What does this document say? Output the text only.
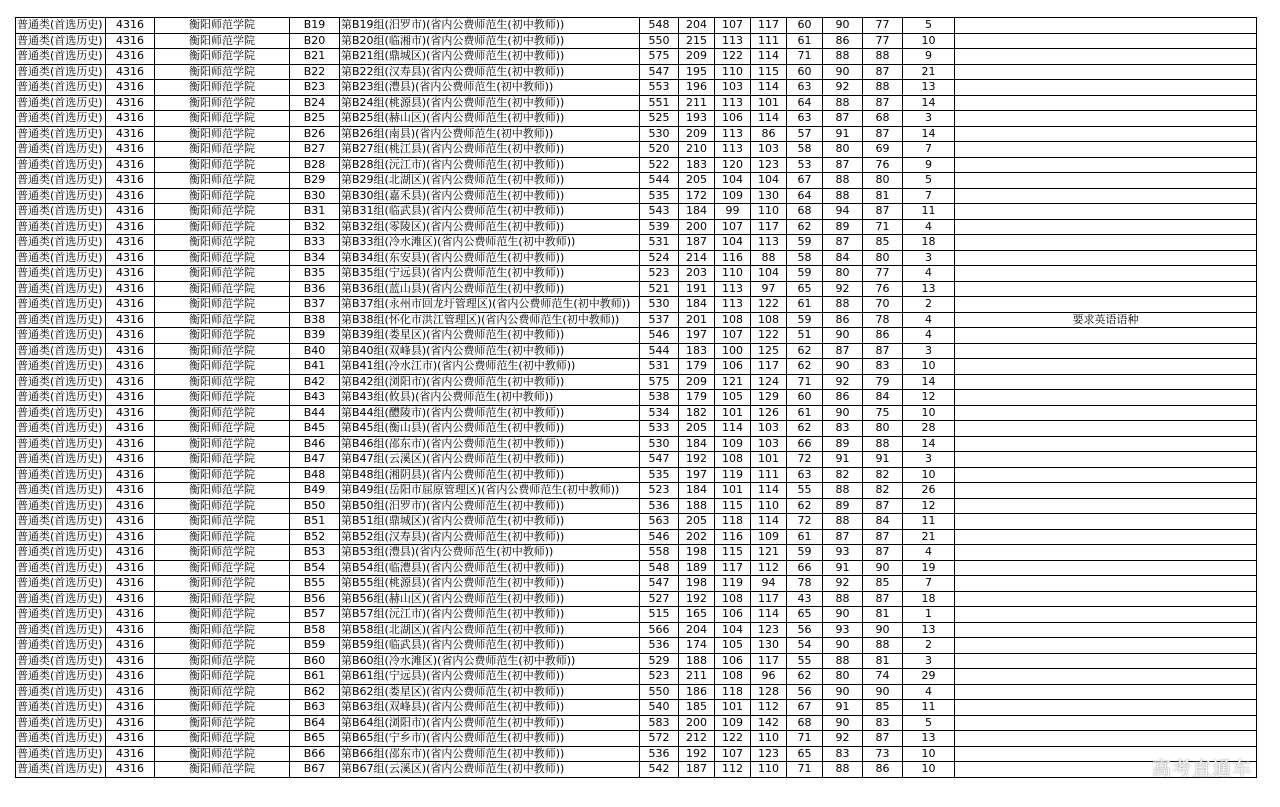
普通类(首选历史)	4316	衡阳师范学院	B19	第B19组(汨罗市)(省内公费师范生(初中教师))	548	204	107	117	60	90	77	5	
普通类(首选历史)	4316	衡阳师范学院	B20	第B20组(临湘市)(省内公费师范生(初中教师))	550	215	113	111	61	86	77	10	
普通类(首选历史)	4316	衡阳师范学院	B21	第B21组(鼎城区)(省内公费师范生(初中教师))	575	209	122	114	71	88	88	9	
普通类(首选历史)	4316	衡阳师范学院	B22	第B22组(汉寿县)(省内公费师范生(初中教师))	547	195	110	115	60	90	87	21	
普通类(首选历史)	4316	衡阳师范学院	B23	第B23组(澧县)(省内公费师范生(初中教师))	553	196	103	114	63	92	88	13	
普通类(首选历史)	4316	衡阳师范学院	B24	第B24组(桃源县)(省内公费师范生(初中教师))	551	211	113	101	64	88	87	14	
普通类(首选历史)	4316	衡阳师范学院	B25	第B25组(赫山区)(省内公费师范生(初中教师))	525	193	106	114	63	87	68	3	
普通类(首选历史)	4316	衡阳师范学院	B26	第B26组(南县)(省内公费师范生(初中教师))	530	209	113	86	57	91	87	14	
普通类(首选历史)	4316	衡阳师范学院	B27	第B27组(桃江县)(省内公费师范生(初中教师))	520	210	113	103	58	80	69	7	
普通类(首选历史)	4316	衡阳师范学院	B28	第B28组(沅江市)(省内公费师范生(初中教师))	522	183	120	123	53	87	76	9	
普通类(首选历史)	4316	衡阳师范学院	B29	第B29组(北湖区)(省内公费师范生(初中教师))	544	205	104	104	67	88	80	5	
普通类(首选历史)	4316	衡阳师范学院	B30	第B30组(嘉禾县)(省内公费师范生(初中教师))	535	172	109	130	64	88	81	7	
普通类(首选历史)	4316	衡阳师范学院	B31	第B31组(临武县)(省内公费师范生(初中教师))	543	184	99	110	68	94	87	11	
普通类(首选历史)	4316	衡阳师范学院	B32	第B32组(零陵区)(省内公费师范生(初中教师))	539	200	107	117	62	89	71	4	
普通类(首选历史)	4316	衡阳师范学院	B33	第B33组(冷水滩区)(省内公费师范生(初中教师))	531	187	104	113	59	87	85	18	
普通类(首选历史)	4316	衡阳师范学院	B34	第B34组(东安县)(省内公费师范生(初中教师))	524	214	116	88	58	84	80	3	
普通类(首选历史)	4316	衡阳师范学院	B35	第B35组(宁远县)(省内公费师范生(初中教师))	523	203	110	104	59	80	77	4	
普通类(首选历史)	4316	衡阳师范学院	B36	第B36组(蓝山县)(省内公费师范生(初中教师))	521	191	113	97	65	92	76	13	
普通类(首选历史)	4316	衡阳师范学院	B37	第B37组(永州市回龙圩管理区)(省内公费师范生(初中教师))	530	184	113	122	61	88	70	2	
普通类(首选历史)	4316	衡阳师范学院	B38	第B38组(怀化市洪江管理区)(省内公费师范生(初中教师))	537	201	108	108	59	86	78	4	要求英语语种
普通类(首选历史)	4316	衡阳师范学院	B39	第B39组(娄星区)(省内公费师范生(初中教师))	546	197	107	122	51	90	86	4	
普通类(首选历史)	4316	衡阳师范学院	B40	第B40组(双峰县)(省内公费师范生(初中教师))	544	183	100	125	62	87	87	3	
普通类(首选历史)	4316	衡阳师范学院	B41	第B41组(冷水江市)(省内公费师范生(初中教师))	531	179	106	117	62	90	83	10	
普通类(首选历史)	4316	衡阳师范学院	B42	第B42组(浏阳市)(省内公费师范生(初中教师))	575	209	121	124	71	92	79	14	
普通类(首选历史)	4316	衡阳师范学院	B43	第B43组(攸县)(省内公费师范生(初中教师))	538	179	105	129	60	86	84	12	
普通类(首选历史)	4316	衡阳师范学院	B44	第B44组(醴陵市)(省内公费师范生(初中教师))	534	182	101	126	61	90	75	10	
普通类(首选历史)	4316	衡阳师范学院	B45	第B45组(衡山县)(省内公费师范生(初中教师))	533	205	114	103	62	83	80	28	
普通类(首选历史)	4316	衡阳师范学院	B46	第B46组(邵东市)(省内公费师范生(初中教师))	530	184	109	103	66	89	88	14	
普通类(首选历史)	4316	衡阳师范学院	B47	第B47组(云溪区)(省内公费师范生(初中教师))	547	192	108	101	72	91	91	3	
普通类(首选历史)	4316	衡阳师范学院	B48	第B48组(湘阴县)(省内公费师范生(初中教师))	535	197	119	111	63	82	82	10	
普通类(首选历史)	4316	衡阳师范学院	B49	第B49组(岳阳市屈原管理区)(省内公费师范生(初中教师))	523	184	101	114	55	88	82	26	
普通类(首选历史)	4316	衡阳师范学院	B50	第B50组(汨罗市)(省内公费师范生(初中教师))	536	188	115	110	62	89	87	12	
普通类(首选历史)	4316	衡阳师范学院	B51	第B51组(鼎城区)(省内公费师范生(初中教师))	563	205	118	114	72	88	84	11	
普通类(首选历史)	4316	衡阳师范学院	B52	第B52组(汉寿县)(省内公费师范生(初中教师))	546	202	116	109	61	87	87	21	
普通类(首选历史)	4316	衡阳师范学院	B53	第B53组(澧县)(省内公费师范生(初中教师))	558	198	115	121	59	93	87	4	
普通类(首选历史)	4316	衡阳师范学院	B54	第B54组(临澧县)(省内公费师范生(初中教师))	548	189	117	112	66	91	90	19	
普通类(首选历史)	4316	衡阳师范学院	B55	第B55组(桃源县)(省内公费师范生(初中教师))	547	198	119	94	78	92	85	7	
普通类(首选历史)	4316	衡阳师范学院	B56	第B56组(赫山区)(省内公费师范生(初中教师))	527	192	108	117	43	88	87	18	
普通类(首选历史)	4316	衡阳师范学院	B57	第B57组(沅江市)(省内公费师范生(初中教师))	515	165	106	114	65	90	81	1	
普通类(首选历史)	4316	衡阳师范学院	B58	第B58组(北湖区)(省内公费师范生(初中教师))	566	204	104	123	56	93	90	13	
普通类(首选历史)	4316	衡阳师范学院	B59	第B59组(临武县)(省内公费师范生(初中教师))	536	174	105	130	54	90	88	2	
普通类(首选历史)	4316	衡阳师范学院	B60	第B60组(冷水滩区)(省内公费师范生(初中教师))	529	188	106	117	55	88	81	3	
普通类(首选历史)	4316	衡阳师范学院	B61	第B61组(宁远县)(省内公费师范生(初中教师))	523	211	108	96	62	80	74	29	
普通类(首选历史)	4316	衡阳师范学院	B62	第B62组(娄星区)(省内公费师范生(初中教师))	550	186	118	128	56	90	90	4	
普通类(首选历史)	4316	衡阳师范学院	B63	第B63组(双峰县)(省内公费师范生(初中教师))	540	185	101	112	67	91	85	11	
普通类(首选历史)	4316	衡阳师范学院	B64	第B64组(浏阳市)(省内公费师范生(初中教师))	583	200	109	142	68	90	83	5	
普通类(首选历史)	4316	衡阳师范学院	B65	第B65组(宁乡市)(省内公费师范生(初中教师))	572	212	122	110	71	92	87	13	
普通类(首选历史)	4316	衡阳师范学院	B66	第B66组(邵东市)(省内公费师范生(初中教师))	536	192	107	123	65	83	73	10	
普通类(首选历史)	4316	衡阳师范学院	B67	第B67组(云溪区)(省内公费师范生(初中教师))	542	187	112	110	71	88	86	10		高考直通车
